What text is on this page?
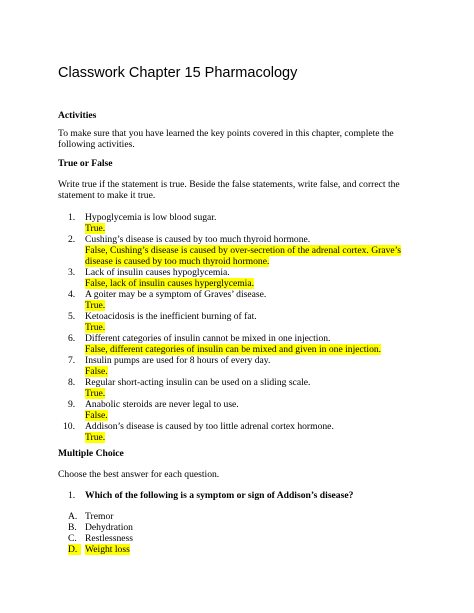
Classwork Chapter 15 Pharmacology
Activities
To make sure that you have learned the key points covered in this chapter, complete the following activities.
True or False
Write true if the statement is true. Beside the false statements, write false, and correct the statement to make it true.
1. Hypoglycemia is low blood sugar.
True.
2. Cushing’s disease is caused by too much thyroid hormone.
False, Cushing’s disease is caused by over-secretion of the adrenal cortex. Grave’s disease is caused by too much thyroid hormone.
3. Lack of insulin causes hypoglycemia.
False, lack of insulin causes hyperglycemia.
4. A goiter may be a symptom of Graves’ disease.
True.
5. Ketoacidosis is the inefficient burning of fat.
True.
6. Different categories of insulin cannot be mixed in one injection.
False, different categories of insulin can be mixed and given in one injection.
7. Insulin pumps are used for 8 hours of every day.
False.
8. Regular short-acting insulin can be used on a sliding scale.
True.
9. Anabolic steroids are never legal to use.
False.
10. Addison’s disease is caused by too little adrenal cortex hormone.
True.
Multiple Choice
Choose the best answer for each question.
1. Which of the following is a symptom or sign of Addison’s disease?
A. Tremor
B. Dehydration
C. Restlessness
D. Weight loss
